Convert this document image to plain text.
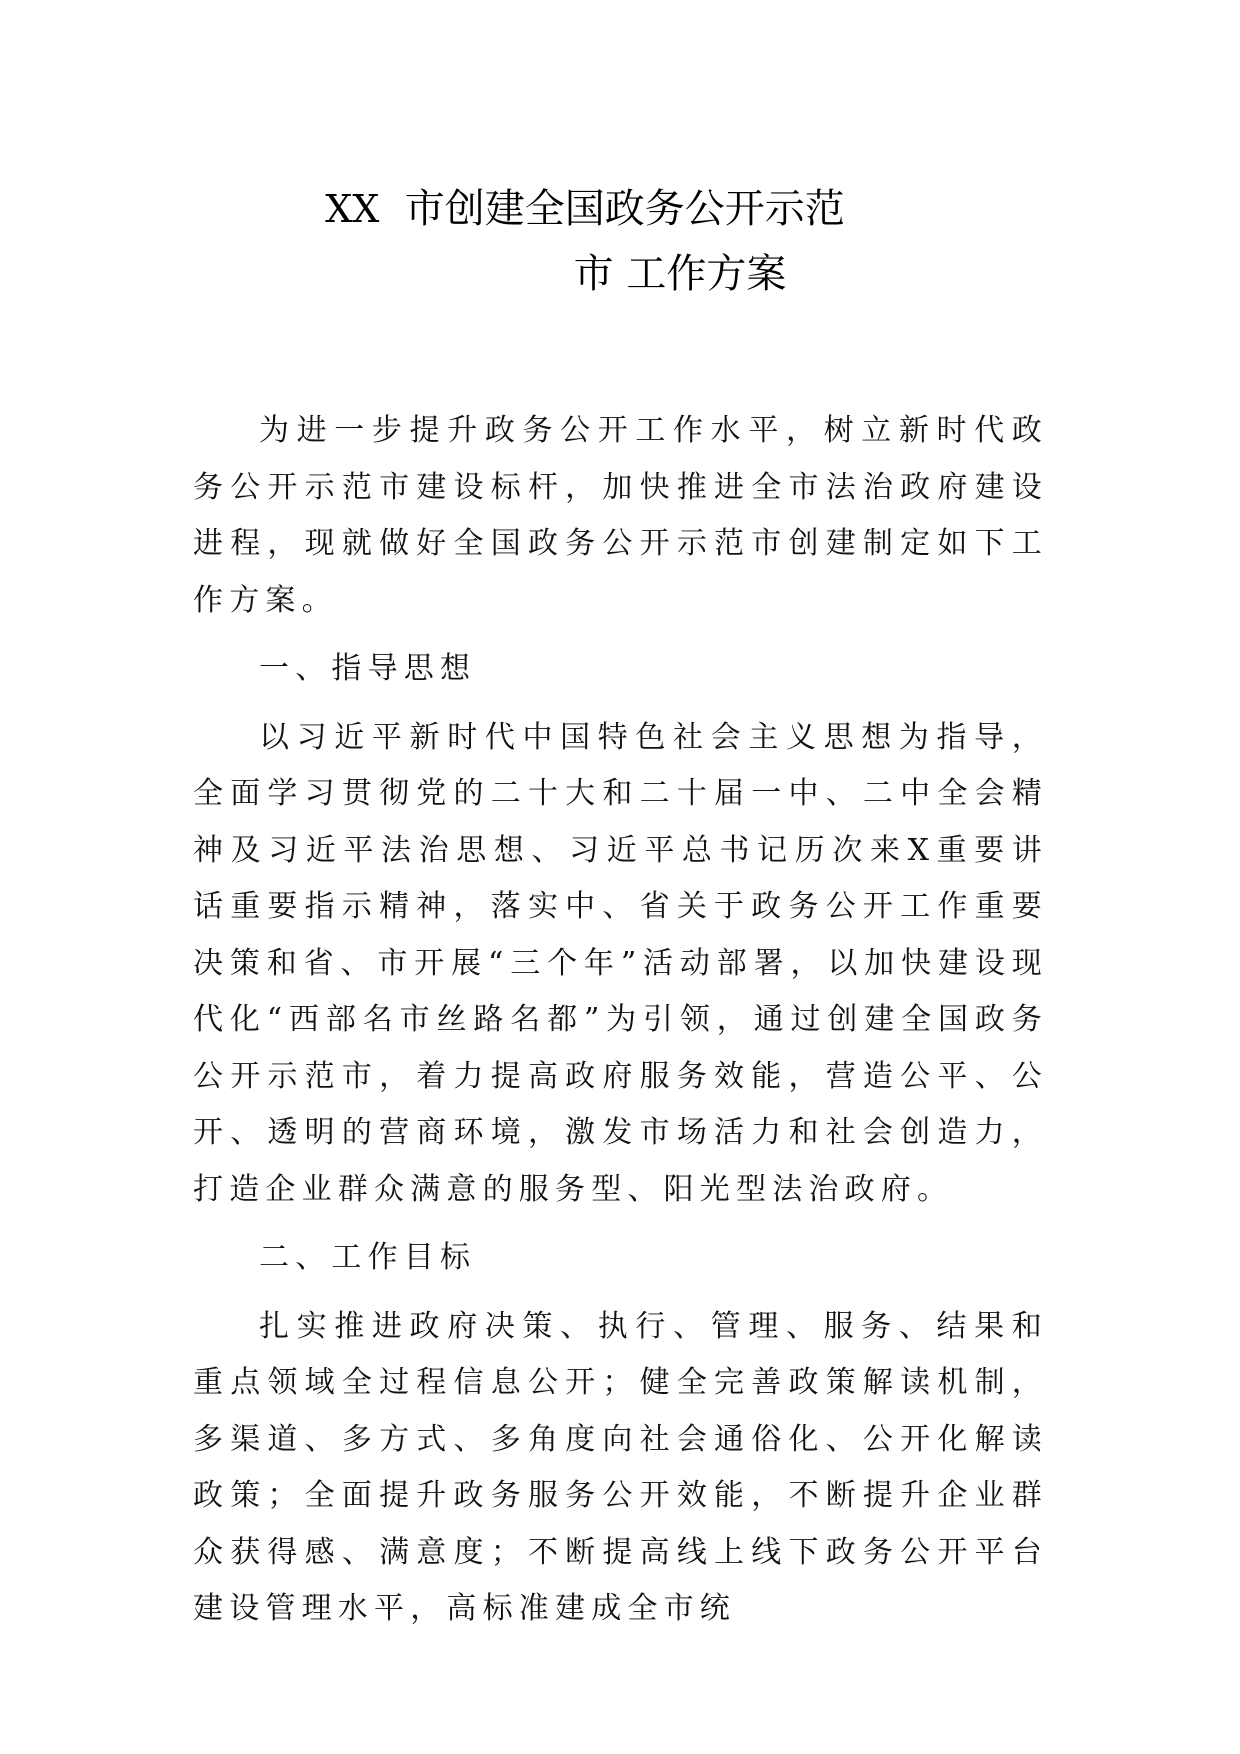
XX 市创建全国政务公开示范
市 工作方案

为进一步提升政务公开工作水平，树立新时代政务公开示范市建设标杆，加快推进全市法治政府建设进程，现就做好全国政务公开示范市创建制定如下工作方案。

一、指导思想

以习近平新时代中国特色社会主义思想为指导，全面学习贯彻党的二十大和二十届一中、二中全会精神及习近平法治思想、习近平总书记历次来X重要讲话重要指示精神，落实中、省关于政务公开工作重要决策和省、市开展“三个年”活动部署，以加快建设现代化“西部名市丝路名都”为引领，通过创建全国政务公开示范市，着力提高政府服务效能，营造公平、公开、透明的营商环境，激发市场活力和社会创造力，打造企业群众满意的服务型、阳光型法治政府。

二、工作目标

扎实推进政府决策、执行、管理、服务、结果和重点领域全过程信息公开；健全完善政策解读机制，多渠道、多方式、多角度向社会通俗化、公开化解读政策；全面提升政务服务公开效能，不断提升企业群众获得感、满意度；不断提高线上线下政务公开平台建设管理水平，高标准建成全市统
